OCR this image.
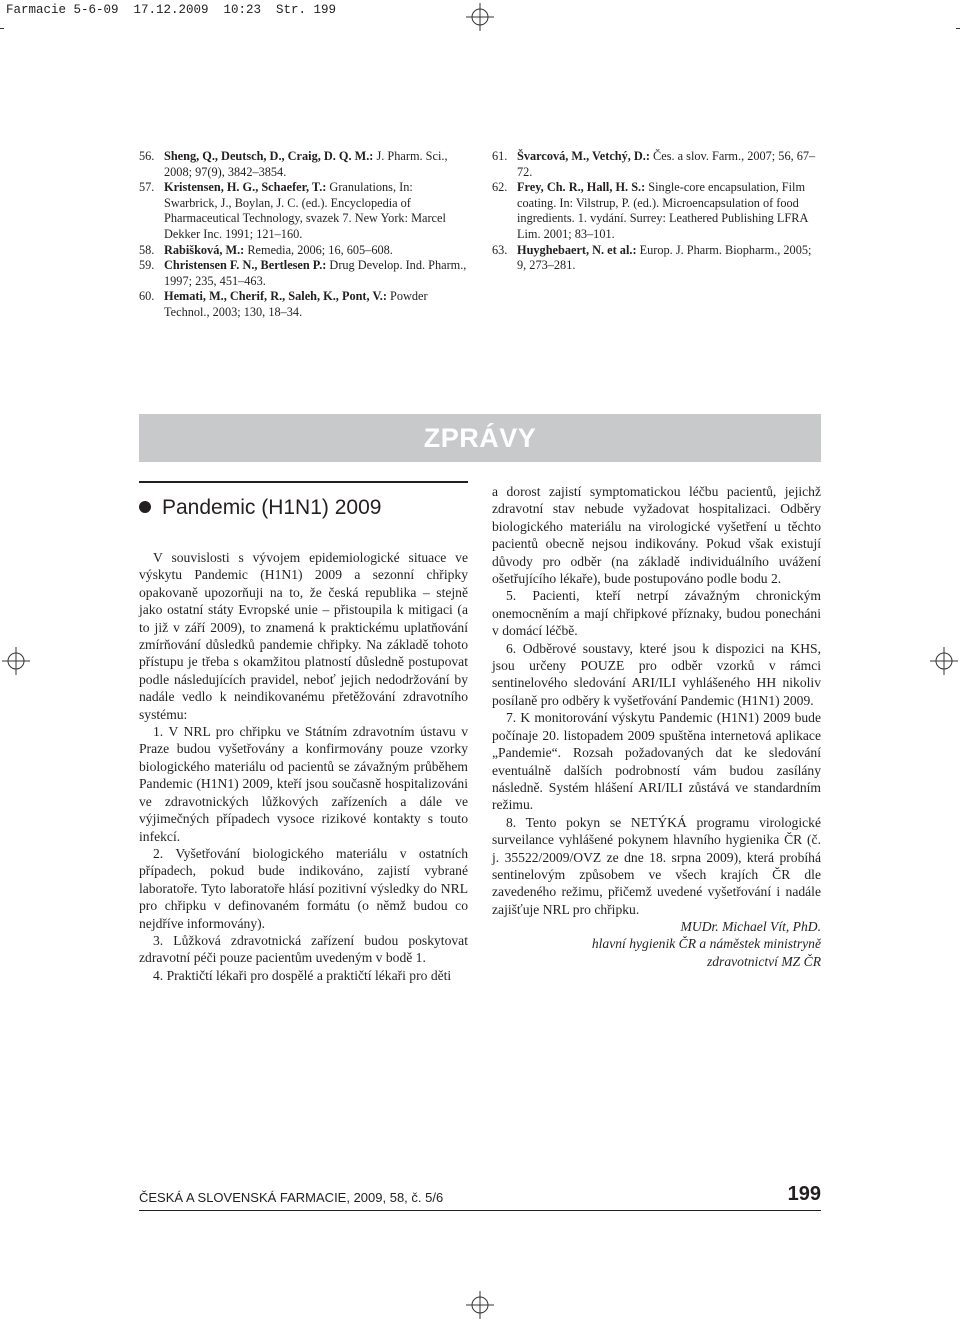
Farmacie 5-6-09  17.12.2009  10:23  Str. 199
56. Sheng, Q., Deutsch, D., Craig, D. Q. M.: J. Pharm. Sci., 2008; 97(9), 3842–3854.
57. Kristensen, H. G., Schaefer, T.: Granulations, In: Swarbrick, J., Boylan, J. C. (ed.). Encyclopedia of Pharmaceutical Technology, svazek 7. New York: Marcel Dekker Inc. 1991; 121–160.
58. Rabišková, M.: Remedia, 2006; 16, 605–608.
59. Christensen F. N., Bertlesen P.: Drug Develop. Ind. Pharm., 1997; 235, 451–463.
60. Hemati, M., Cherif, R., Saleh, K., Pont, V.: Powder Technol., 2003; 130, 18–34.
61. Švarcová, M., Vetchý, D.: Čes. a slov. Farm., 2007; 56, 67–72.
62. Frey, Ch. R., Hall, H. S.: Single-core encapsulation, Film coating. In: Vilstrup, P. (ed.). Microencapsulation of food ingredients. 1. vydání. Surrey: Leathered Publishing LFRA Lim. 2001; 83–101.
63. Huyghebaert, N. et al.: Europ. J. Pharm. Biopharm., 2005; 9, 273–281.
ZPRÁVY
Pandemic (H1N1) 2009

V souvislosti s vývojem epidemiologické situace ve výskytu Pandemic (H1N1) 2009 a sezonní chřipky opakovaně upozorňuji na to, že česká republika – stejně jako ostatní státy Evropské unie – přistoupila k mitigaci (a to již v září 2009), to znamená k praktickému uplatňování zmírňování důsledků pandemie chřipky. Na základě tohoto přístupu je třeba s okamžitou platností důsledně postupovat podle následujících pravidel, neboť jejich nedodržování by nadále vedlo k neindikovanému přetěžování zdravotního systému:

1. V NRL pro chřipku ve Státním zdravotním ústavu v Praze budou vyšetřovány a konfirmovány pouze vzorky biologického materiálu od pacientů se závažným průběhem Pandemic (H1N1) 2009, kteří jsou současně hospitalizováni ve zdravotnických lůžkových zařízeních a dále ve výjimečných případech vysoce rizikové kontakty s touto infekcí.

2. Vyšetřování biologického materiálu v ostatních případech, pokud bude indikováno, zajistí vybrané laboratoře. Tyto laboratoře hlásí pozitivní výsledky do NRL pro chřipku v definovaném formátu (o němž budou co nejdříve informovány).

3. Lůžková zdravotnická zařízení budou poskytovat zdravotní péči pouze pacientům uvedeným v bodě 1.

4. Praktičtí lékaři pro dospělé a praktičtí lékaři pro děti

a dorost zajistí symptomatickou léčbu pacientů, jejichž zdravotní stav nebude vyžadovat hospitalizaci. Odběry biologického materiálu na virologické vyšetření u těchto pacientů obecně nejsou indikovány. Pokud však existují důvody pro odběr (na základě individuálního uvážení ošetřujícího lékaře), bude postupováno podle bodu 2.

5. Pacienti, kteří netrpí závažným chronickým onemocněním a mají chřipkové příznaky, budou ponecháni v domácí léčbě.

6. Odběrové soustavy, které jsou k dispozici na KHS, jsou určeny POUZE pro odběr vzorků v rámci sentinelového sledování ARI/ILI vyhlášeného HH nikoliv posílaně pro odběry k vyšetřování Pandemic (H1N1) 2009.

7. K monitorování výskytu Pandemic (H1N1) 2009 bude počínaje 20. listopadem 2009 spuštěna internetová aplikace „Pandemie“. Rozsah požadovaných dat ke sledování eventuálně dalších podrobností vám budou zasílány následně. Systém hlášení ARI/ILI zůstává ve standardním režimu.

8. Tento pokyn se NETÝKÁ programu virologické surveilance vyhlášené pokynem hlavního hygienika ČR (č. j. 35522/2009/OVZ ze dne 18. srpna 2009), která probíhá sentinelovým způsobem ve všech krajích ČR dle zavedeného režimu, přičemž uvedené vyšetřování i nadále zajišťuje NRL pro chřipku.

MUDr. Michael Vít, PhD.
hlavní hygienik ČR a náměstek ministryně
zdravotnictví MZ ČR
ČESKÁ A SLOVENSKÁ FARMACIE, 2009, 58, č. 5/6	199
